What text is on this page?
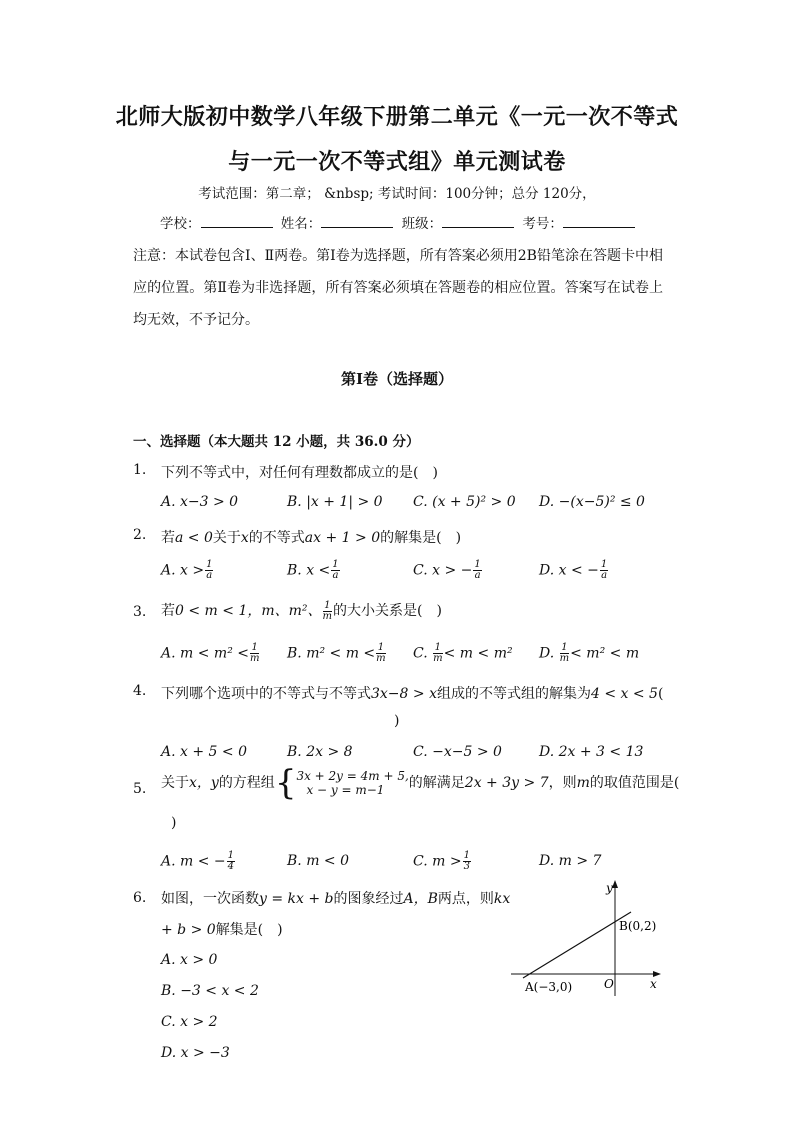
北师大版初中数学八年级下册第二单元《一元一次不等式
与一元一次不等式组》单元测试卷
考试范围：第二章； &nbsp; 考试时间：100分钟；总分 120分，
学校：	姓名：	班级：	考号：
注意：本试卷包含Ⅰ、Ⅱ两卷。第Ⅰ卷为选择题，所有答案必须用2B铅笔涂在答题卡中相应的位置。第Ⅱ卷为非选择题，所有答案必须填在答题卷的相应位置。答案写在试卷上均无效，不予记分。
第Ⅰ卷（选择题）
一、选择题（本大题共 12 小题，共 36.0 分）
1. 下列不等式中，对任何有理数都成立的是(　)
A. x−3 > 0	B. |x + 1| > 0 C. (x + 5)² > 0 D. −(x−5)² ≤ 0
2. 若a < 0关于x的不等式ax + 1 > 0的解集是(　)
A. $x > \frac{1}{a}$	B. $x < \frac{1}{a}$	C. x > − $\frac{1}{a}$	D. x < − $\frac{1}{a}$
3. 若0 < m < 1，m、m²、 $\frac{1}{m}$ 的大小关系是(　)
A. $m < m^2 < \frac{1}{m} B$. $m^2 < m < \frac{1}{m} C$. $\frac{1}{m} < m < m^2$ D. $\frac{1}{m} < m^2 < m$
4. 下列哪个选项中的不等式与不等式3x−8 > x组成的不等式组的解集为4 < x < 5(
)
A. x + 5 < 0	B. 2x > 8	C. −x−5 > 0	D. 2x + 3 < 13
5. 关于x，y的方程组{ 3x + 2y = 4m + 5,
x − y = m−1	的解满足2x + 3y > 7，则m的取值范围是(
)
A. m < − $\frac{1}{4}$	B. m < 0	C. $m > \frac{1}{3}$	D. m > 7
6. 如图，一次函数y = kx + b的图象经过A，B两点，则kx
+ b > 0解集是(　)
A. x > 0
B. −3 < x < 2
C. x > 2
D. x > −3
y
x
O
B(0,2)
A(−3,0)
